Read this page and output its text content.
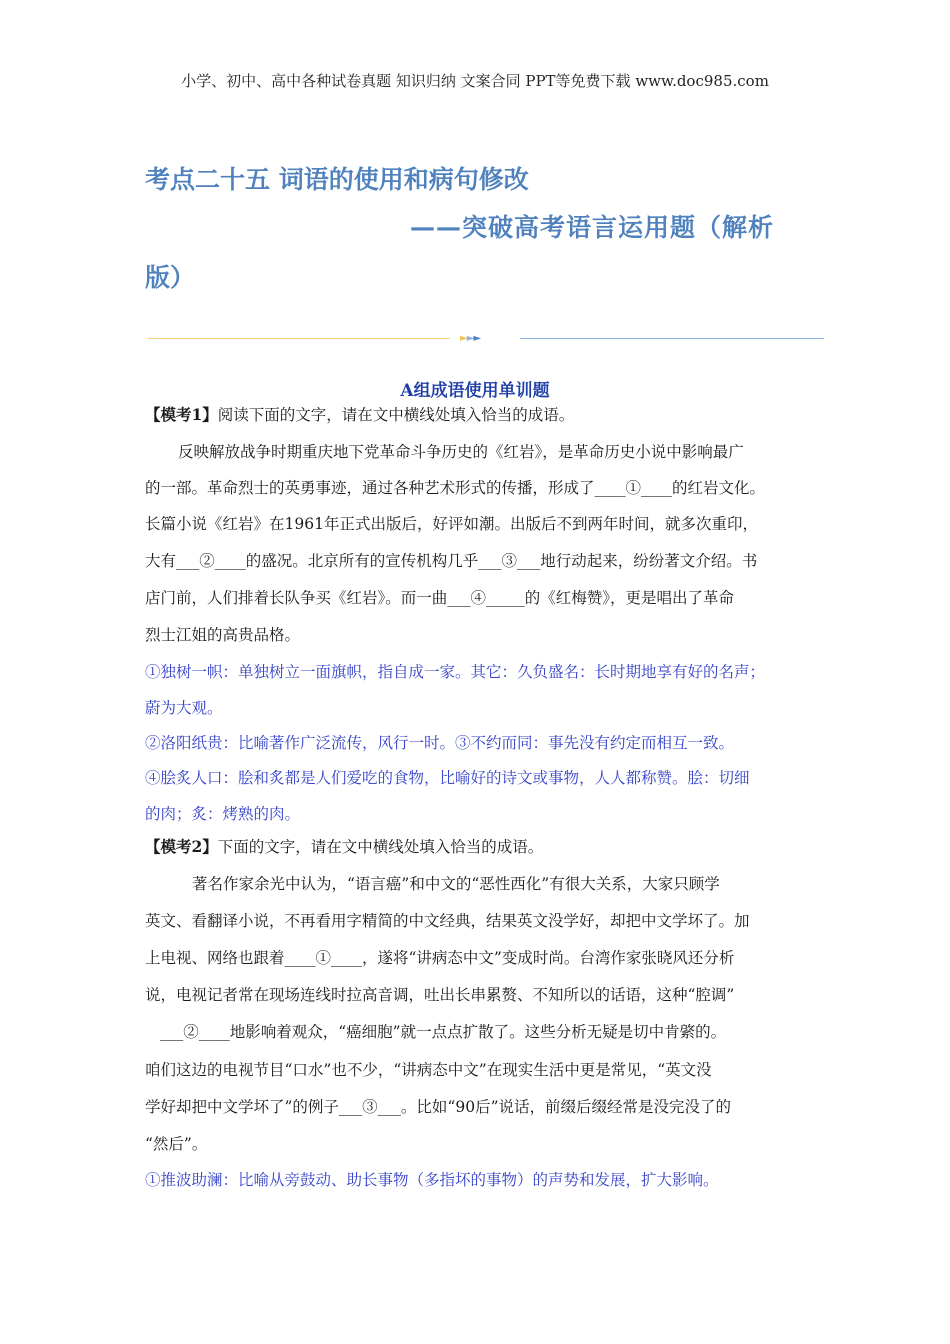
小学、初中、高中各种试卷真题 知识归纳 文案合同 PPT等免费下载 www.doc985.com
考点二十五 词语的使用和病句修改
——突破高考语言运用题（解析
版）
►►►
A组成语使用单训题
【模考1】阅读下面的文字，请在文中横线处填入恰当的成语。
反映解放战争时期重庆地下党革命斗争历史的《红岩》，是革命历史小说中影响最广
的一部。革命烈士的英勇事迹，通过各种艺术形式的传播，形成了____①____的红岩文化。
长篇小说《红岩》在1961年正式出版后，好评如潮。出版后不到两年时间，就多次重印，
大有___②____的盛况。北京所有的宣传机构几乎___③___地行动起来，纷纷著文介绍。书
店门前，人们排着长队争买《红岩》。而一曲___④_____的《红梅赞》，更是唱出了革命
烈士江姐的高贵品格。
①独树一帜：单独树立一面旗帜，指自成一家。其它：久负盛名：长时期地享有好的名声；
蔚为大观。
②洛阳纸贵：比喻著作广泛流传，风行一时。③不约而同：事先没有约定而相互一致。
④脍炙人口：脍和炙都是人们爱吃的食物，比喻好的诗文或事物，人人都称赞。脍：切细
的肉；炙：烤熟的肉。
【模考2】下面的文字，请在文中横线处填入恰当的成语。
著名作家余光中认为，“语言癌”和中文的“恶性西化”有很大关系，大家只顾学
英文、看翻译小说，不再看用字精简的中文经典，结果英文没学好，却把中文学坏了。加
上电视、网络也跟着____①____，遂将“讲病态中文”变成时尚。台湾作家张晓风还分析
说，电视记者常在现场连线时拉高音调，吐出长串累赘、不知所以的话语，这种“腔调”
___②____地影响着观众，“癌细胞”就一点点扩散了。这些分析无疑是切中肯綮的。
咱们这边的电视节目“口水”也不少，“讲病态中文”在现实生活中更是常见，“英文没
学好却把中文学坏了”的例子___③___。比如“90后”说话，前缀后缀经常是没完没了的
“然后”。
①推波助澜：比喻从旁鼓动、助长事物（多指坏的事物）的声势和发展，扩大影响。
